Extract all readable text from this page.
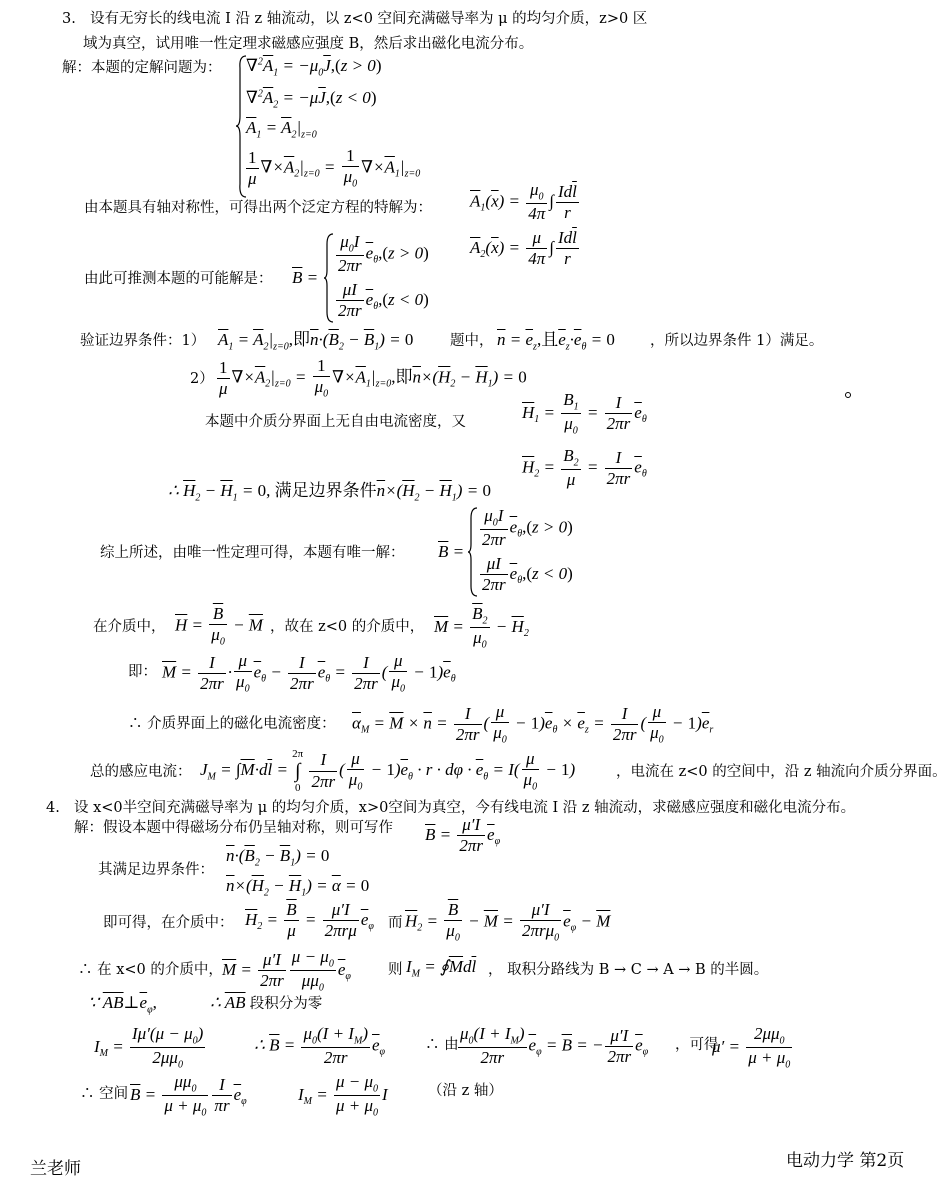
3. 设有无穷长的线电流 I 沿 z 轴流动，以 z<0 空间充满磁导率为 μ 的均匀介质，z>0 区
域为真空，试用唯一性定理求磁感应强度 B，然后求出磁化电流分布。
解：本题的定解问题为： $\nabla^2\overline{A}_1 = -\mu_0\overline{J},(z > 0)$
$\nabla^2\overline{A}_2 = -\mu\overline{J},(z < 0)$
$\overline{A}_1 = \overline{A}_2|_{z=0}$
$\frac{1}{\mu} \nabla\times\overline{A}_2|_{z=0} = \frac{1}{\mu_0} \nabla\times\overline{A}_1|_{z=0}$
由本题具有轴对称性，可得出两个泛定方程的特解为： $\overline{A}_1(\overline{x}) = \frac{\mu_0}{4\pi}$ ∫ $\frac{Id\overline{l}}{r}$
$\overline{A}_2(\overline{x}) = \frac{\mu}{4\pi}$ ∫ $\frac{Id\overline{l}}{r}$
由此可推测本题的可能解是： $\overline{B}$ =
$\frac{\mu_0I}{2\pi r} \overline{e}_\theta,(z > 0)$
$\frac{\mu I}{2\pi r} \overline{e}_\theta,(z < 0)$
验证边界条件：1） $\overline{A}_1 = \overline{A}_2|_{z=0}$,即$\overline{n}\cdot(\overline{B}_2 - \overline{B}_1) = 0$	题中， $\overline{n} = \overline{e}_z$,且$\overline{e}_z\cdot\overline{e}_\theta = 0$ ，所以边界条件 1）满足。
$2) \frac{1}{\mu} \nabla\times\overline{A}_2|_{z=0} = \frac{1}{\mu_0} \nabla\times\overline{A}_1|_{z=0}$,即$\overline{n}\times(\overline{H}_2 - \overline{H}_1) = 0$
本题中介质分界面上无自由电流密度，又
$\overline{H}_1 = \frac{B_1}{\mu_0} = \frac{I}{2\pi r} \overline{e}_\theta$
$\overline{H}_2 = \frac{B_2}{\mu} = \frac{I}{2\pi r} \overline{e}_\theta$
∴ $\overline{H}_2 - \overline{H}_1 = 0$, 满足边界条件$\overline{n}\times(\overline{H}_2 - \overline{H}_1) = 0$
综上所述，由唯一性定理可得，本题有唯一解： $\overline{B}$ =
$\frac{\mu_0I}{2\pi r} \overline{e}_\theta,(z > 0)$
$\frac{\mu I}{2\pi r} \overline{e}_\theta,(z < 0)$
在介质中， $\overline{H} = \frac{\overline{B}}{\mu_0} - \overline{M}$ ，故在 z<0 的介质中， $\overline{M} = \frac{\overline{B}_2}{\mu_0} - \overline{H}_2$
即： $\overline{M} = \frac{I}{2\pi r} \cdot \frac{\mu}{\mu_0} \overline{e}_\theta - \frac{I}{2\pi r} \overline{e}_\theta = \frac{I}{2\pi r}$ ( $\frac{\mu}{\mu_0} - 1)\overline{e}_\theta$
∴ 介质界面上的磁化电流密度： $\overline{\alpha}_M = \overline{M} \times \overline{n} = \frac{I}{2\pi r}$ ( $\frac{\mu}{\mu_0} - 1)\overline{e}_\theta \times \overline{e}_z = \frac{I}{2\pi r}$ ( $\frac{\mu}{\mu_0} - 1)\overline{e}_r$
总的感应电流： $J_M = \int\overline{M}\cdot d\overline{l}$ =
2π
∫
0
$\frac{I}{2\pi r}$ ( $\frac{\mu}{\mu_0} - 1)\overline{e}_\theta \cdot r \cdot d\varphi \cdot \overline{e}_\theta = I( \frac{\mu}{\mu_0} - 1)$	，电流在 z<0 的空间中，沿 z 轴流向介质分界面。
4. 设 x<0半空间充满磁导率为 μ 的均匀介质，x>0空间为真空，今有线电流 I 沿 z 轴流动，求磁感应强度和磁化电流分布。
解：假设本题中得磁场分布仍呈轴对称，则可写作 $\overline{B} = \frac{\mu'I}{2\pi r} \overline{e}_\varphi$
其满足边界条件：
$\overline{n}\cdot(\overline{B}_2 - \overline{B}_1) = 0$
$\overline{n}\times(\overline{H}_2 - \overline{H}_1) = \overline{\alpha} = 0$
即可得，在介质中： $\overline{H}_2 = \frac{\overline{B}}{\mu} = \frac{\mu'I}{\text{2πrμ}} \overline{e}_\varphi$ 而 $\overline{H}_2 = \frac{\overline{B}}{\mu_0} - \overline{M} = \frac{\mu'I}{2\pi r\mu_0} \overline{e}_\varphi - \overline{M}$
∴ 在 x<0 的介质中， $\overline{M} = \frac{\mu'I}{2\pi r} \frac{\mu - \mu_0}{\mu\mu_0} \overline{e}_\varphi$	则 $I_M$ = $∮\overline{M}d\overline{l}$ ， 取积分路线为 B → C → A → B 的半圆。
∵ $\overline{AB}\perp\overline{e}_\varphi$,	∴ $\overline{AB}$ 段积分为零
$I_M = \frac{I\mu'(\mu - \mu_0)}{2\mu\mu_0}$	∴ $\overline{B} = \frac{\mu_0(I + I_M)}{2\pi r} \overline{e}_\varphi$	∴ 由 $\frac{\mu_0(I + I_M)}{2\pi r} \overline{e}_\varphi = \overline{B}$ = − $\frac{\mu'I}{2\pi r} \overline{e}_\varphi$ ，可得
$\mu' = \frac{2\mu\mu_0}{\mu + \mu_0}$
∴ 空间 $\overline{B} = \frac{\mu\mu_0}{\mu + \mu_0} \frac{I}{\pi r} \overline{e}_\varphi$	$I_M = \frac{\mu - \mu_0}{\mu + \mu_0}$ I	（沿 z 轴）
兰老师	电动力学 第2页
